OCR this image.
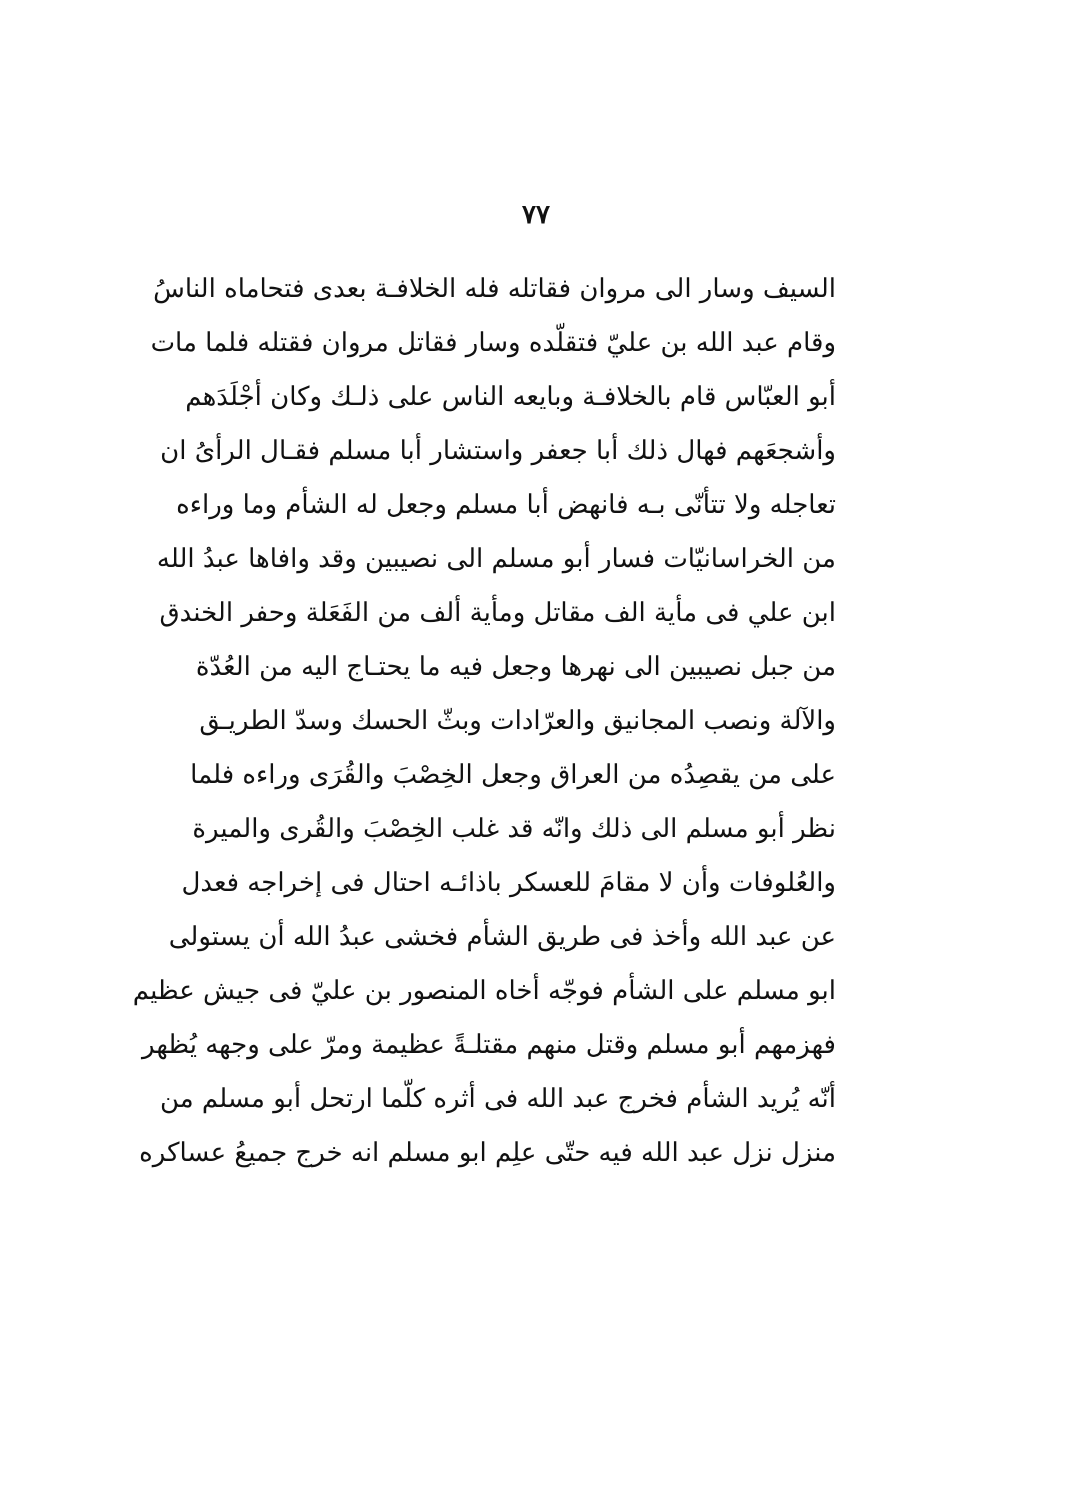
٧٧
السيف وسار الى مروان فقاتله فله الخلافـة بعدى فتحاماه الناسُ
وقام عبد الله بن عليّ فتقلّده وسار فقاتل مروان فقتله فلما مات
أبو العبّاس قام بالخلافـة وبايعه الناس على ذلـك وكان أجْلَدَهم
وأشجعَهم فهال ذلك أبا جعفر واستشار أبا مسلم فقـال الرأىُ ان
تعاجله ولا تتأنّى بـه فانهض أبا مسلم وجعل له الشأم وما وراءه
من الخراسانيّات فسار أبو مسلم الى نصيبين وقد وافاها عبدُ الله
ابن علي فى مأية الف مقاتل ومأية ألف من الفَعَلة وحفر الخندق
من جبل نصيبين الى نهرها وجعل فيه ما يحتـاج اليه من العُدّة
والآلة ونصب المجانيق والعرّادات وبثّ الحسك وسدّ الطريـق
على من يقصِدُه من العراق وجعل الخِصْبَ والقُرَى وراءه فلما
نظر أبو مسلم الى ذلك وانّه قد غلب الخِصْبَ والقُرى والميرة
والعُلوفات وأن لا مقامَ للعسكر باذائـه احتال فى إخراجه فعدل
عن عبد الله وأخذ فى طريق الشأم فخشى عبدُ الله أن يستولى
ابو مسلم على الشأم فوجّه أخاه المنصور بن عليّ فى جيش عظيم
فهزمهم أبو مسلم وقتل منهم مقتلـةً عظيمة ومرّ على وجهه يُظهر
أنّه يُريد الشأم فخرج عبد الله فى أثره كلّما ارتحل أبو مسلم من
منزل نزل عبد الله فيه حتّى علِم ابو مسلم انه خرج جميعُ عساكره
